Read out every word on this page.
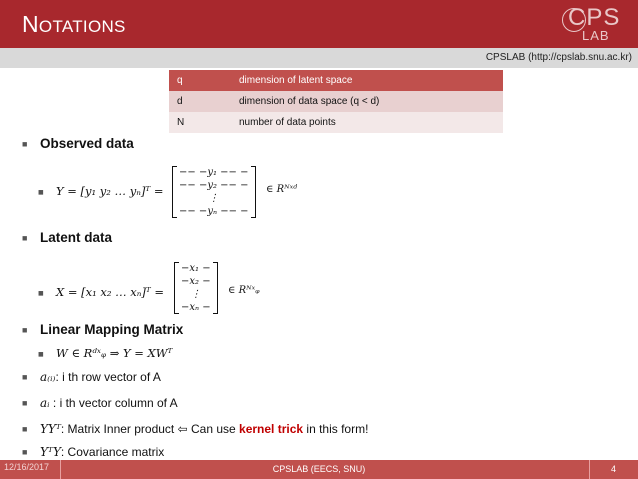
NOTATIONS	CPS
LAB
CPSLAB (http://cpslab.snu.ac.kr)
q	dimension of latent space
d	dimension of data space (q < d)
N	number of data points
■ Observed data
■ Y = [y₁ y₂ … yₙ]ᵀ =
−− −y₁ −− −
−− −y₂ −− −
⋮
−− −yₙ −− −
∈ Rᴺˣᵈ
■ Latent data
■ X = [x₁ x₂ … xₙ]ᵀ =
−x₁ −
−x₂ −
⋮
−xₙ −
∈ Rᴺˣᵩ
■ Linear Mapping Matrix
■ W ∈ Rᵈˣᵩ ⇒ Y = XWᵀ
■ a₍ᵢ₎: i th row vector of A
■ aᵢ : i th vector column of A
■ YYᵀ: Matrix Inner product ⇦ Can use kernel trick in this form!
■ YᵀY: Covariance matrix
12/16/2017	CPSLAB (EECS, SNU)	4
